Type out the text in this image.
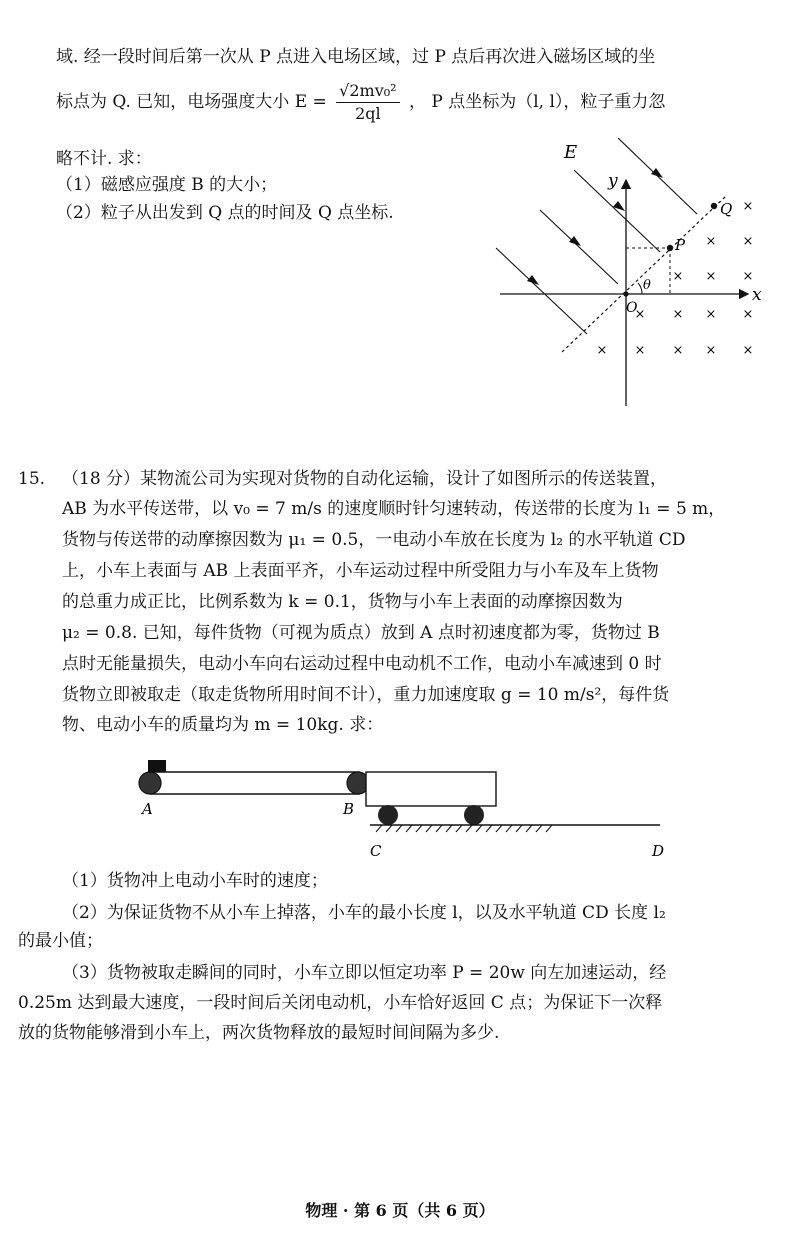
域. 经一段时间后第一次从 P 点进入电场区域，过 P 点后再次进入磁场区域的坐
标点为 Q. 已知，电场强度大小 $E = \frac{\text{√2mv₀²}}{2ql}$ ， P 点坐标为（l, l），粒子重力忽
略不计. 求：
（1）磁感应强度 B 的大小；
（2）粒子从出发到 Q 点的时间及 Q 点坐标.
E
y
x
O
P
Q
θ
×
× ×
× × ×
× × × ×
× × × × ×
15. （18 分）某物流公司为实现对货物的自动化运输，设计了如图所示的传送装置，
AB 为水平传送带，以 v₀ = 7 m/s 的速度顺时针匀速转动，传送带的长度为 l₁ = 5 m，
货物与传送带的动摩擦因数为 μ₁ = 0.5，一电动小车放在长度为 l₂ 的水平轨道 CD
上，小车上表面与 AB 上表面平齐，小车运动过程中所受阻力与小车及车上货物
的总重力成正比，比例系数为 k = 0.1，货物与小车上表面的动摩擦因数为
μ₂ = 0.8. 已知，每件货物（可视为质点）放到 A 点时初速度都为零，货物过 B
点时无能量损失，电动小车向右运动过程中电动机不工作，电动小车减速到 0 时
货物立即被取走（取走货物所用时间不计），重力加速度取 g = 10 m/s²，每件货
物、电动小车的质量均为 m = 10kg. 求：
A	B
C	D
（1）货物冲上电动小车时的速度；
（2）为保证货物不从小车上掉落，小车的最小长度 l，以及水平轨道 CD 长度 l₂
的最小值；
（3）货物被取走瞬间的同时，小车立即以恒定功率 P = 20w 向左加速运动，经
0.25m 达到最大速度，一段时间后关闭电动机，小车恰好返回 C 点；为保证下一次释
放的货物能够滑到小车上，两次货物释放的最短时间间隔为多少.
物理 · 第 6 页（共 6 页）
